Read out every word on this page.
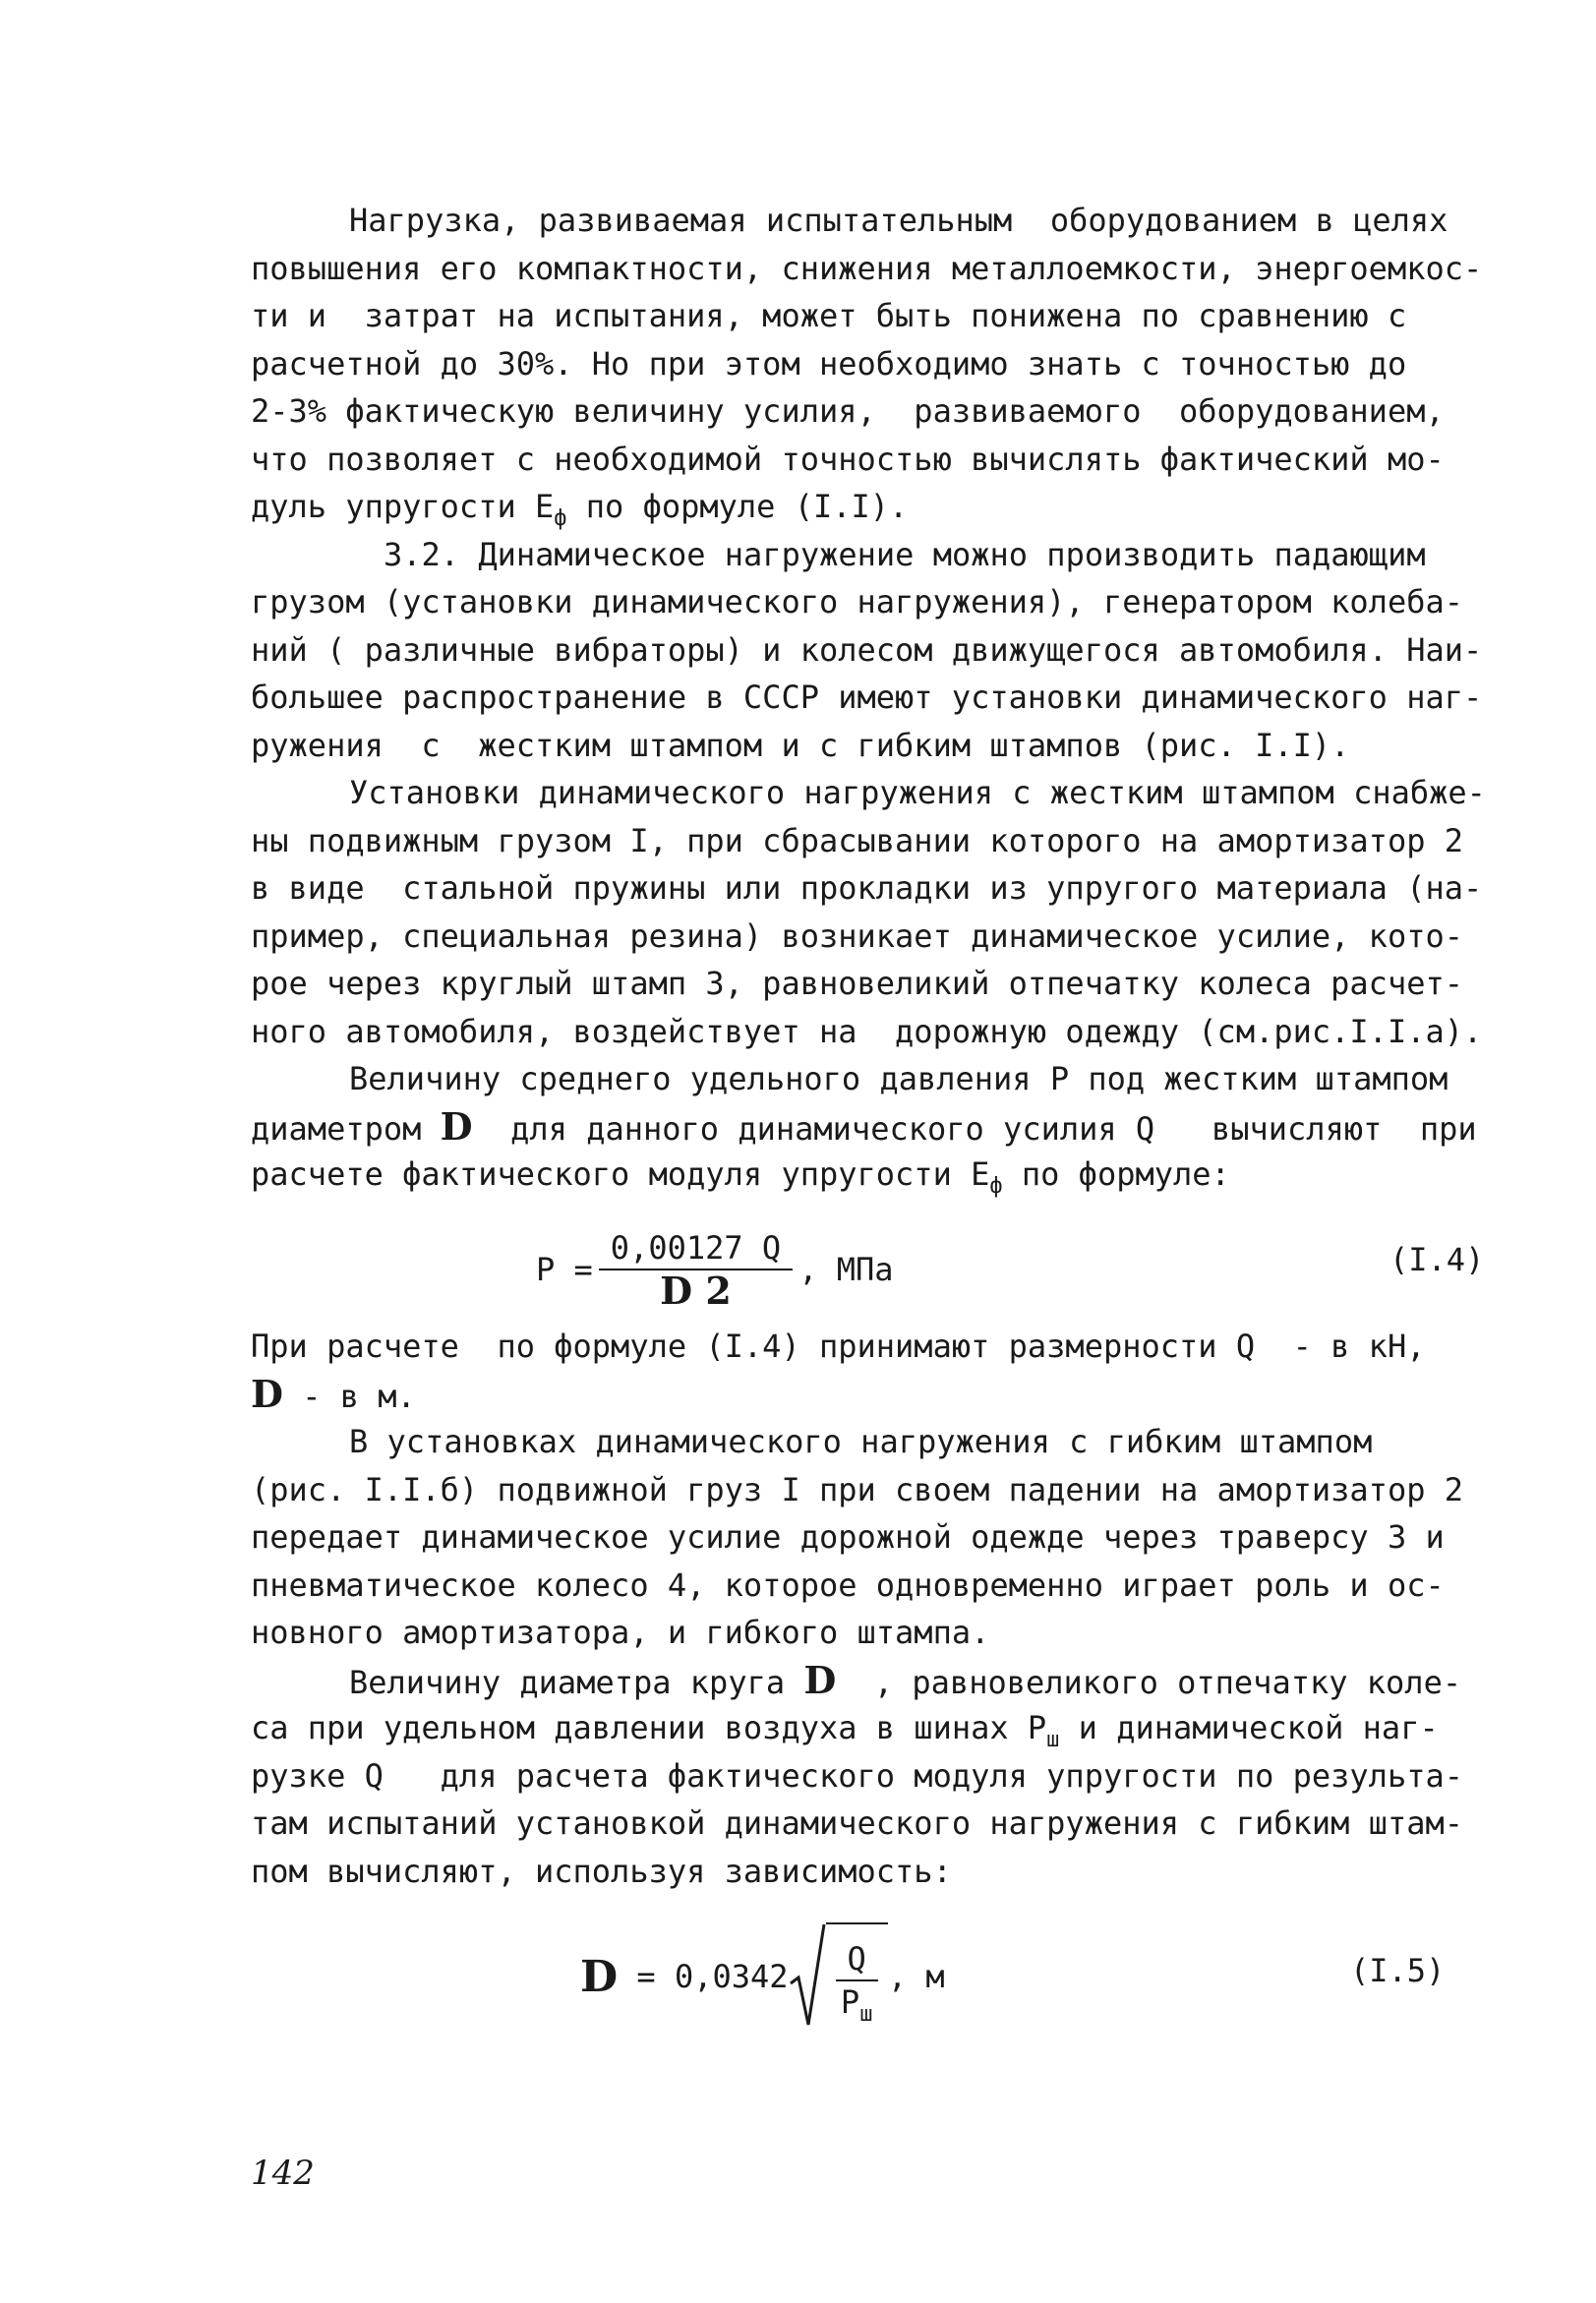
Нагрузка, развиваемая испытательным  оборудованием в целях
повышения его компактности, снижения металлоемкости, энергоемкос-
ти и  затрат на испытания, может быть понижена по сравнению с
расчетной до 30%. Но при этом необходимо знать с точностью до
2-3% фактическую величину усилия,  развиваемого  оборудованием,
что позволяет с необходимой точностью вычислять фактический мо-
дуль упругости $E_ф$ по формуле (I.I).
3.2. Динамическое нагружение можно производить падающим
грузом (установки динамического нагружения), генератором колеба-
ний ( различные вибраторы) и колесом движущегося автомобиля. Наи-
большее распространение в СССР имеют установки динамического наг-
ружения  с  жестким штампом и с гибким штампов (рис. I.I).
Установки динамического нагружения с жестким штампом снабже-
ны подвижным грузом I, при сбрасывании которого на амортизатор 2
в виде  стальной пружины или прокладки из упругого материала (на-
пример, специальная резина) возникает динамическое усилие, кото-
рое через круглый штамп 3, равновеликий отпечатку колеса расчет-
ного автомобиля, воздействует на  дорожную одежду (см.рис.I.I.а).
Величину среднего удельного давления P под жестким штампом
диаметром D  для данного динамического усилия Q   вычисляют  при
расчете фактического модуля упругости $E_ф$ по формуле:
$P = \frac{0,00127 Q}{D 2}$ , МПа	(I.4)
При расчете  по формуле (I.4) принимают размерности Q  - в кН,
D - в м.
В установках динамического нагружения с гибким штампом
(рис. I.I.б) подвижной груз I при своем падении на амортизатор 2
передает динамическое усилие дорожной одежде через траверсу 3 и
пневматическое колесо 4, которое одновременно играет роль и ос-
новного амортизатора, и гибкого штампа.
Величину диаметра круга D  , равновеликого отпечатку коле-
са при удельном давлении воздуха в шинах $P_ш$ и динамической наг-
рузке Q   для расчета фактического модуля упругости по результа-
там испытаний установкой динамического нагружения с гибким штам-
пом вычисляют, используя зависимость:
$D = 0,0342 \frac{Q}{P_ш}$ , м	(I.5)
142
